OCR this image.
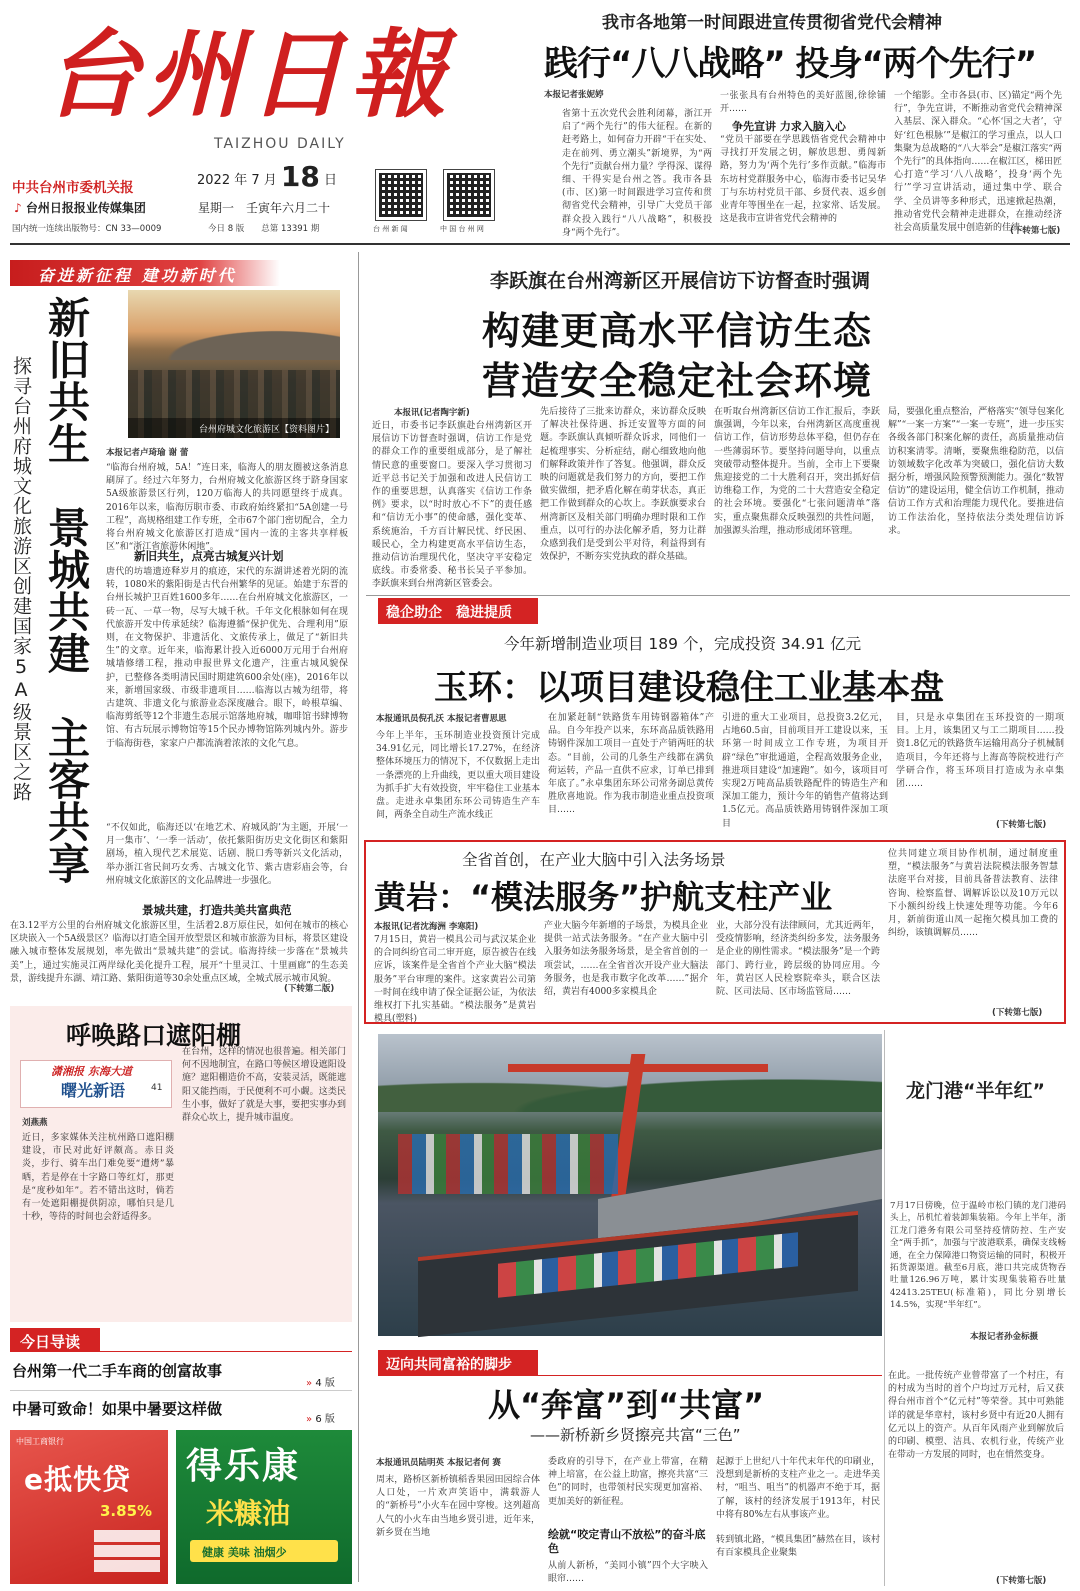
台州日報
TAIZHOU DAILY
中共台州市委机关报
♪ 台州日报报业传媒集团
国内统一连续出版物号：CN 33—0009
2022 年 7 月 18 日
星期一　壬寅年六月二十
今日 8 版　　总第 13391 期	台 州 新 闻	中 国 台 州 网
我市各地第一时间跟进宣传贯彻省党代会精神
践行“八八战略” 投身“两个先行”
本报记者张妮婷
省第十五次党代会胜利闭幕，浙江开启了“两个先行”的伟大征程。在新的赶考路上，如何奋力开辟“干在实处、走在前列、勇立潮头”新境界，为“两个先行”贡献台州力量？学得深、谋得细、干得实是台州之答。我市各县(市、区)第一时间跟进学习宣传和贯彻省党代会精神，引导广大党员干部群众投入践行“八八战略”，积极投身“两个先行”。
一张张具有台州特色的美好蓝图,徐徐铺开……
争先宣讲 力求入脑入心
“党员干部要在学思践悟省党代会精神中寻找打开发展之钥，解放思想、勇闯新路，努力为‘两个先行’多作贡献。”临海市东坊村党群服务中心，临海市委书记吴华丁与东坊村党员干部、乡贤代表、返乡创业青年等围坐在一起，拉家常、话发展。这是我市宣讲省党代会精神的
一个缩影。全市各县(市、区)锚定“两个先行”，争先宣讲，不断推动省党代会精神深入基层、深入群众。“心怀‘国之大者’，守好‘红色根脉’”是椒江的学习重点，以人口集聚为总战略的“八大举会”是椒江落实“两个先行”的具体指向……在椒江区，梯田匠心打造“学习‘八八战略’，投身‘两个先行’”学习宣讲活动，通过集中学、联合学、全员讲等多种形式，迅速掀起热潮，推动省党代会精神走进群众，在推动经济社会高质量发展中创造新的佳绩。
(下转第七版)
奋进新征程 建功新时代
新旧共生　景城共建　主客共享
探寻台州府城文化旅游区创建国家5A级景区之路	台州府城文化旅游区【资料图片】
本报记者卢琦瑜 谢 蕾
“临海台州府城，5A！”连日来，临海人的朋友圈被这条消息刷屏了。经过六年努力，台州府城文化旅游区终于跻身国家5A级旅游景区行列，120万临海人的共同愿望终于成真。2016年以来，临海厉职市委、市政府始终紧扣“5A创建一号工程”，高规格组建工作专班，全市67个部门密切配合，全力将台州府城文化旅游区打造成“国内一流的主客共享样板区”和“浙江省旅游休闲地”。
新旧共生，点亮古城复兴计划
唐代的坊墙遗迹释岁月的痕迹，宋代的东湖讲述着光阴的流转，1080米的紫阳街是古代台州繁华的见证。始建于东晋的台州长城护卫百姓1600多年……在台州府城文化旅游区，一砖一瓦、一草一物，尽写大城千秋。千年文化根脉如何在现代旅游开发中传承延续？临海遵循“保护优先、合理利用”原则，在文物保护、非遗活化、文旅传承上，做足了“新旧共生”的文章。近年来，临海累计投入近6000万元用于台州府城墙修缮工程，推动申报世界文化遗产，注重古城风貌保护，已整修各类明清民国时期建筑600余处(座)，2016年以来，新增国家级、市级非遗项目……临海以古城为纽带，将古建筑、非遗文化与旅游业态深度融合。眼下，岭根草编、临海剪纸等12个非遗生态展示馆落地府城，咖啡馆书肆博物馆、有古玩展示博物馆等15个民办博物馆陈列城内外。游步于临海街巷，家家户户都流淌着浓浓的文化气息。
“不仅如此，临海还以‘在地艺术、府城风韵’为主题，开展‘一月一集市’、‘一季一活动’，依托紫阳街历史文化街区和紫阳剧场，植入现代艺术展览、话剧、脱口秀等新兴文化活动，举办浙江省民间巧女秀、古城文化节、紫古唐彩庙会等，台州府城文化旅游区的文化品牌进一步强化。
景城共建，打造共美共富典范
在3.12平方公里的台州府城文化旅游区里，生活着2.8万原住民，如何在城市的核心区块嵌入一个5A级景区？临海以打造全国开放型景区和城市旅游为目标，将景区建设融入城市整体发展规划，率先做出“景城共建”的尝试。临海持续一步落在“景城共美”上，通过实施灵江两岸绿化美化提升工程，展开“十里灵江、十里画廊”的生态美景，游线提升东湖、靖江路、紫阳街道等30余处重点区域，全城式展示城市风貌。
(下转第二版)
李跃旗在台州湾新区开展信访下访督查时强调
构建更高水平信访生态
营造安全稳定社会环境
本报讯(记者陶宇新)
近日，市委书记李跃旗赴台州湾新区开展信访下访督查时强调，信访工作是党的群众工作的重要组成部分，是了解社情民意的重要窗口。要深入学习贯彻习近平总书记关于加强和改进人民信访工作的重要思想，认真落实《信访工作条例》要求，以“时时放心不下”的责任感和“信访无小事”的使命感，强化变革、系统施治，千方百计解民忧、纾民困、暖民心，全力构建更高水平信访生态，推动信访治理现代化，坚决守平安稳定底线。市委常委、秘书长吴子平参加。李跃旗来到台州湾新区管委会。
先后接待了三批来访群众，来访群众反映了解决社保待遇、拆迁安置等方面的问题。李跃旗认真倾听群众诉求，同他们一起梳理事实、分析症结，耐心细致地向他们解释政策并作了答复。他强调，群众反映的问题就是我们努力的方向，要把工作做实做细，把矛盾化解在萌芽状态，真正把工作做到群众的心坎上。李跃旗要求台州湾新区及相关部门明确办理时限和工作重点，以可行的办法化解矛盾，努力让群众感到我们是受到公平对待，利益得到有效保护，不断夯实党执政的群众基础。
在听取台州湾新区信访工作汇报后，李跃旗强调，今年以来，台州湾新区高度重视信访工作，信访形势总体平稳，但仍存在一些薄弱环节。要坚持问题导向，以重点突破带动整体提升。当前，全市上下要聚焦迎接党的二十大胜利召开，突出抓好信访维稳工作，为党的二十大营造安全稳定的社会环境。要强化“七张问题清单”落实，重点聚焦群众反映强烈的共性问题，加强源头治理，推动形成闭环管理。
局，要强化重点整治，严格落实“领导包案化解”“一案一方案”“一案一专班”，进一步压实各级各部门积案化解的责任，高质量推动信访积案清零。清晰，要聚焦维稳防范，以信访领域数字化改革为突破口，强化信访大数据分析，增强风险预警预测能力。强化“数智信访”的建设运用，健全信访工作机制，推动信访工作方式和治理能力现代化。要推进信访工作法治化，坚持依法分类处理信访诉求。
稳企助企　稳进提质
今年新增制造业项目 189 个，完成投资 34.91 亿元
玉环：以项目建设稳住工业基本盘
本报通讯员倪孔沃 本报记者曹思思
今年上半年，玉环制造业投资预计完成34.91亿元，同比增长17.27%，在经济整体环境压力的情况下，不仅数据上走出一条漂亮的上升曲线，更以重大项目建设为抓手扩大有效投资，牢牢稳住工业基本盘。走进永卓集团东环公司铸造生产车间，两条全自动生产流水线正
在加紧赶制“铁路货车用铸钢器箱体”产品。自今年投产以来，东环高品质铁路用铸钢件深加工项目一直处于产销两旺的状态。“目前，公司的几条生产线都在满负荷运转，产品一直供不应求，订单已排到年底了。”永卓集团东环公司常务副总黄传胜欣喜地说。作为我市制造业重点投资项目……
引进的重大工业项目，总投资3.2亿元，占地60.5亩，目前项目开工建设以来，玉环第一时间成立工作专班，为项目开辟“绿色”审批通道，全程高效服务企业，推进项目建设“加速跑”。如今，该项目可实现2万吨高品质铁路配件的铸造生产和深加工能力，预计今年的销售产值将达到1.5亿元。高品质铁路用铸钢件深加工项目
目，只是永卓集团在玉环投资的一期项目。上月，该集团又与工二期项目……投资1.8亿元的铁路货车运输用高分子机械制造项目，今年还将与上海高等院校进行产学研合作，将玉环项目打造成为永卓集团……
(下转第七版)
全省首创，在产业大脑中引入法务场景
黄岩：“模法服务”护航支柱产业
本报讯(记者沈海洲 李寒阳)
7月15日，黄岩一模具公司与武汉某企业的合同纠纷官司二审开庭，原告被告在线应诉，该案件是全省首个产业大脑“模法服务”平台审理的案件。这家黄岩公司第一时间在线申请了保全证据公证，为依法维权打下扎实基础。“模法服务”是黄岩模具(塑料)
产业大脑今年新增的子场景，为模具企业提供一站式法务服务。“在产业大脑中引入服务如法务服务场景，是全省首创的一项尝试，……在全省首次开设产业大脑法务服务，也是我市数字化改革……”据介绍，黄岩有4000多家模具企
业，大部分没有法律顾问，尤其近两年，受疫情影响，经济类纠纷多发，法务服务是企业的刚性需求。“模法服务”是一个跨部门、跨行业，跨层级的协同应用。今年，黄岩区人民检察院牵头，联合区法院、区司法局、区市场监管局……
位共同建立项目协作机制，通过制度重塑，“模法服务”与黄岩法院模法服务智慧法庭平台对接，目前具备普法教育、法律咨询、检察监督、调解诉讼以及10万元以下小额纠纷线上快速处理等功能。今年6月，新前街道山凤一起拖欠模具加工费的纠纷，该镇调解员……
(下转第七版)
龙门港“半年红”
7月17日傍晚，位于温岭市松门镇的龙门港码头上，吊机忙着装卸集装箱。今年上半年，浙江龙门港务有限公司坚持疫情防控、生产安全“两手抓”，加强与宁波港联系，确保支线畅通，在全力保障港口物资运输的同时，积极开拓货源渠道。截至6月底，港口共完成货物吞吐量126.96万吨，累计实现集装箱吞吐量42413.25TEU(标准箱)，同比分别增长14.5%，实现“半年红”。
本报记者孙金标摄
呼唤路口遮阳棚
潇湘报 东海大道
曙光新语	41
刘燕燕
近日，多家媒体关注杭州路口遮阳棚建设，市民对此好评颇高。赤日炎炎，步行、骑车出门难免要“遭烤”暴晒，若是停在十字路口等红灯，那更是“度秒如年”。若不错出这时，倘若有一处遮阳棚提供阴凉，哪怕只是几十秒，等待的时间也会舒适得多。
在台州，这样的情况也很普遍。相关部门何不因地制宜，在路口等候区增设遮阳设施？遮阳棚造价不高，安装灵活，既能遮阳又能挡雨，于民便利不可小觑。这类民生小事，做好了就是大事，要把实事办到群众心坎上，提升城市温度。
今日导读
台州第一代二手车商的创富故事
» 4 版
中暑可致命！如果中暑要这样做
» 6 版
中国工商银行
e抵快贷
3.85%
得乐康
米糠油
健康 美味 油烟少
迈向共同富裕的脚步
从“奔富”到“共富”
——新桥新乡贤擦亮共富“三色”
本报通讯员陆明英 本报记者何 赛
周末，路桥区新桥镇稻香果园田园综合体人口处，一片欢声笑语中，满载游人的“新桥号”小火车在园中穿梭。这列超高人气的小火车由当地乡贤引进，近年来，新乡贤在当地
委政府的引导下，在产业上带富，在精神上培富，在公益上助富，擦亮共富“三色”的同时，也带领村民实现更加富裕、更加美好的新征程。
绘就“咬定青山不放松”的奋斗底色
从前人新桥，“美同小镇”四个大字映入眼帘……
起源于上世纪八十年代末年代的印刷业，没想到是新桥的支柱产业之一。走进华美村，“咀当、咀当”的机器声不绝于耳，据了解，该村的经济发展于1913年，村民中将有80%左右从事该产业。
转到镇北路，“模具集团”赫然在目，该村有百家模具企业聚集
在此。一批传统产业曾带富了一个村庄，有的村成为当时的首个户均过万元村，后又获得台州市首个“亿元村”等荣誉。其中可熟能详的就是华章村，该村乡贤中有近20人拥有亿元以上的资产。从百年风雨产业到解放后的印刷、模塑、洁具、农机行业，传统产业在带动一方发展的同时，也在悄然变身。
(下转第七版)
